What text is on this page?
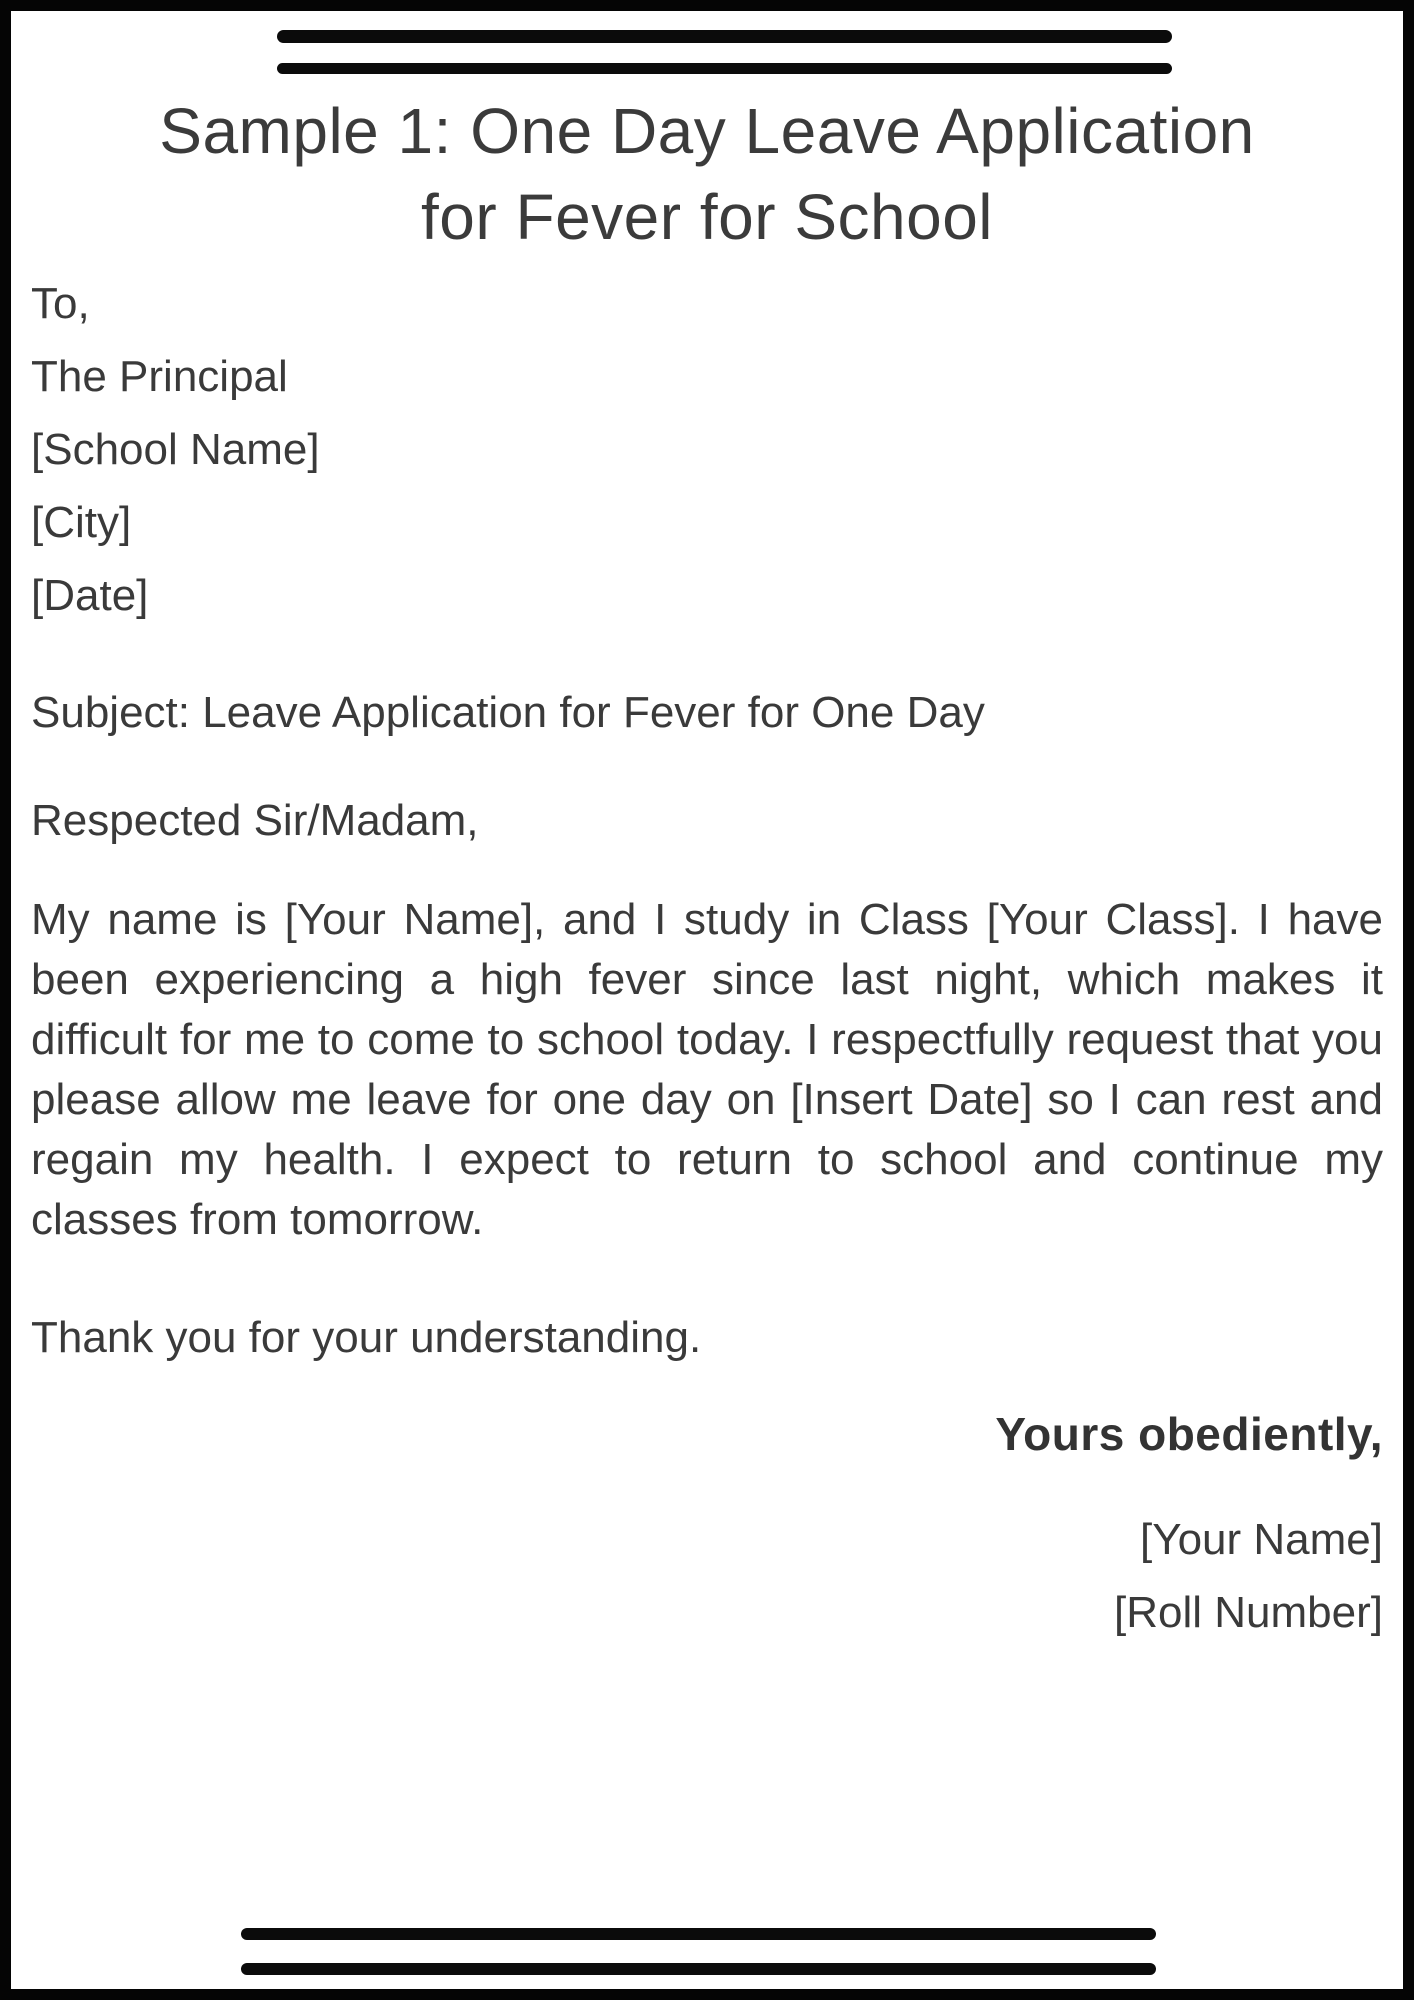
Sample 1: One Day Leave Application
for Fever for School

To,

The Principal

[School Name]

[City]

[Date]

Subject: Leave Application for Fever for One Day

Respected Sir/Madam,

My name is [Your Name], and I study in Class [Your Class]. I have been experiencing a high fever since last night, which makes it difficult for me to come to school today. I respectfully request that you please allow me leave for one day on [Insert Date] so I can rest and regain my health. I expect to return to school and continue my classes from tomorrow.

Thank you for your understanding.

Yours obediently,

[Your Name]

[Roll Number]
